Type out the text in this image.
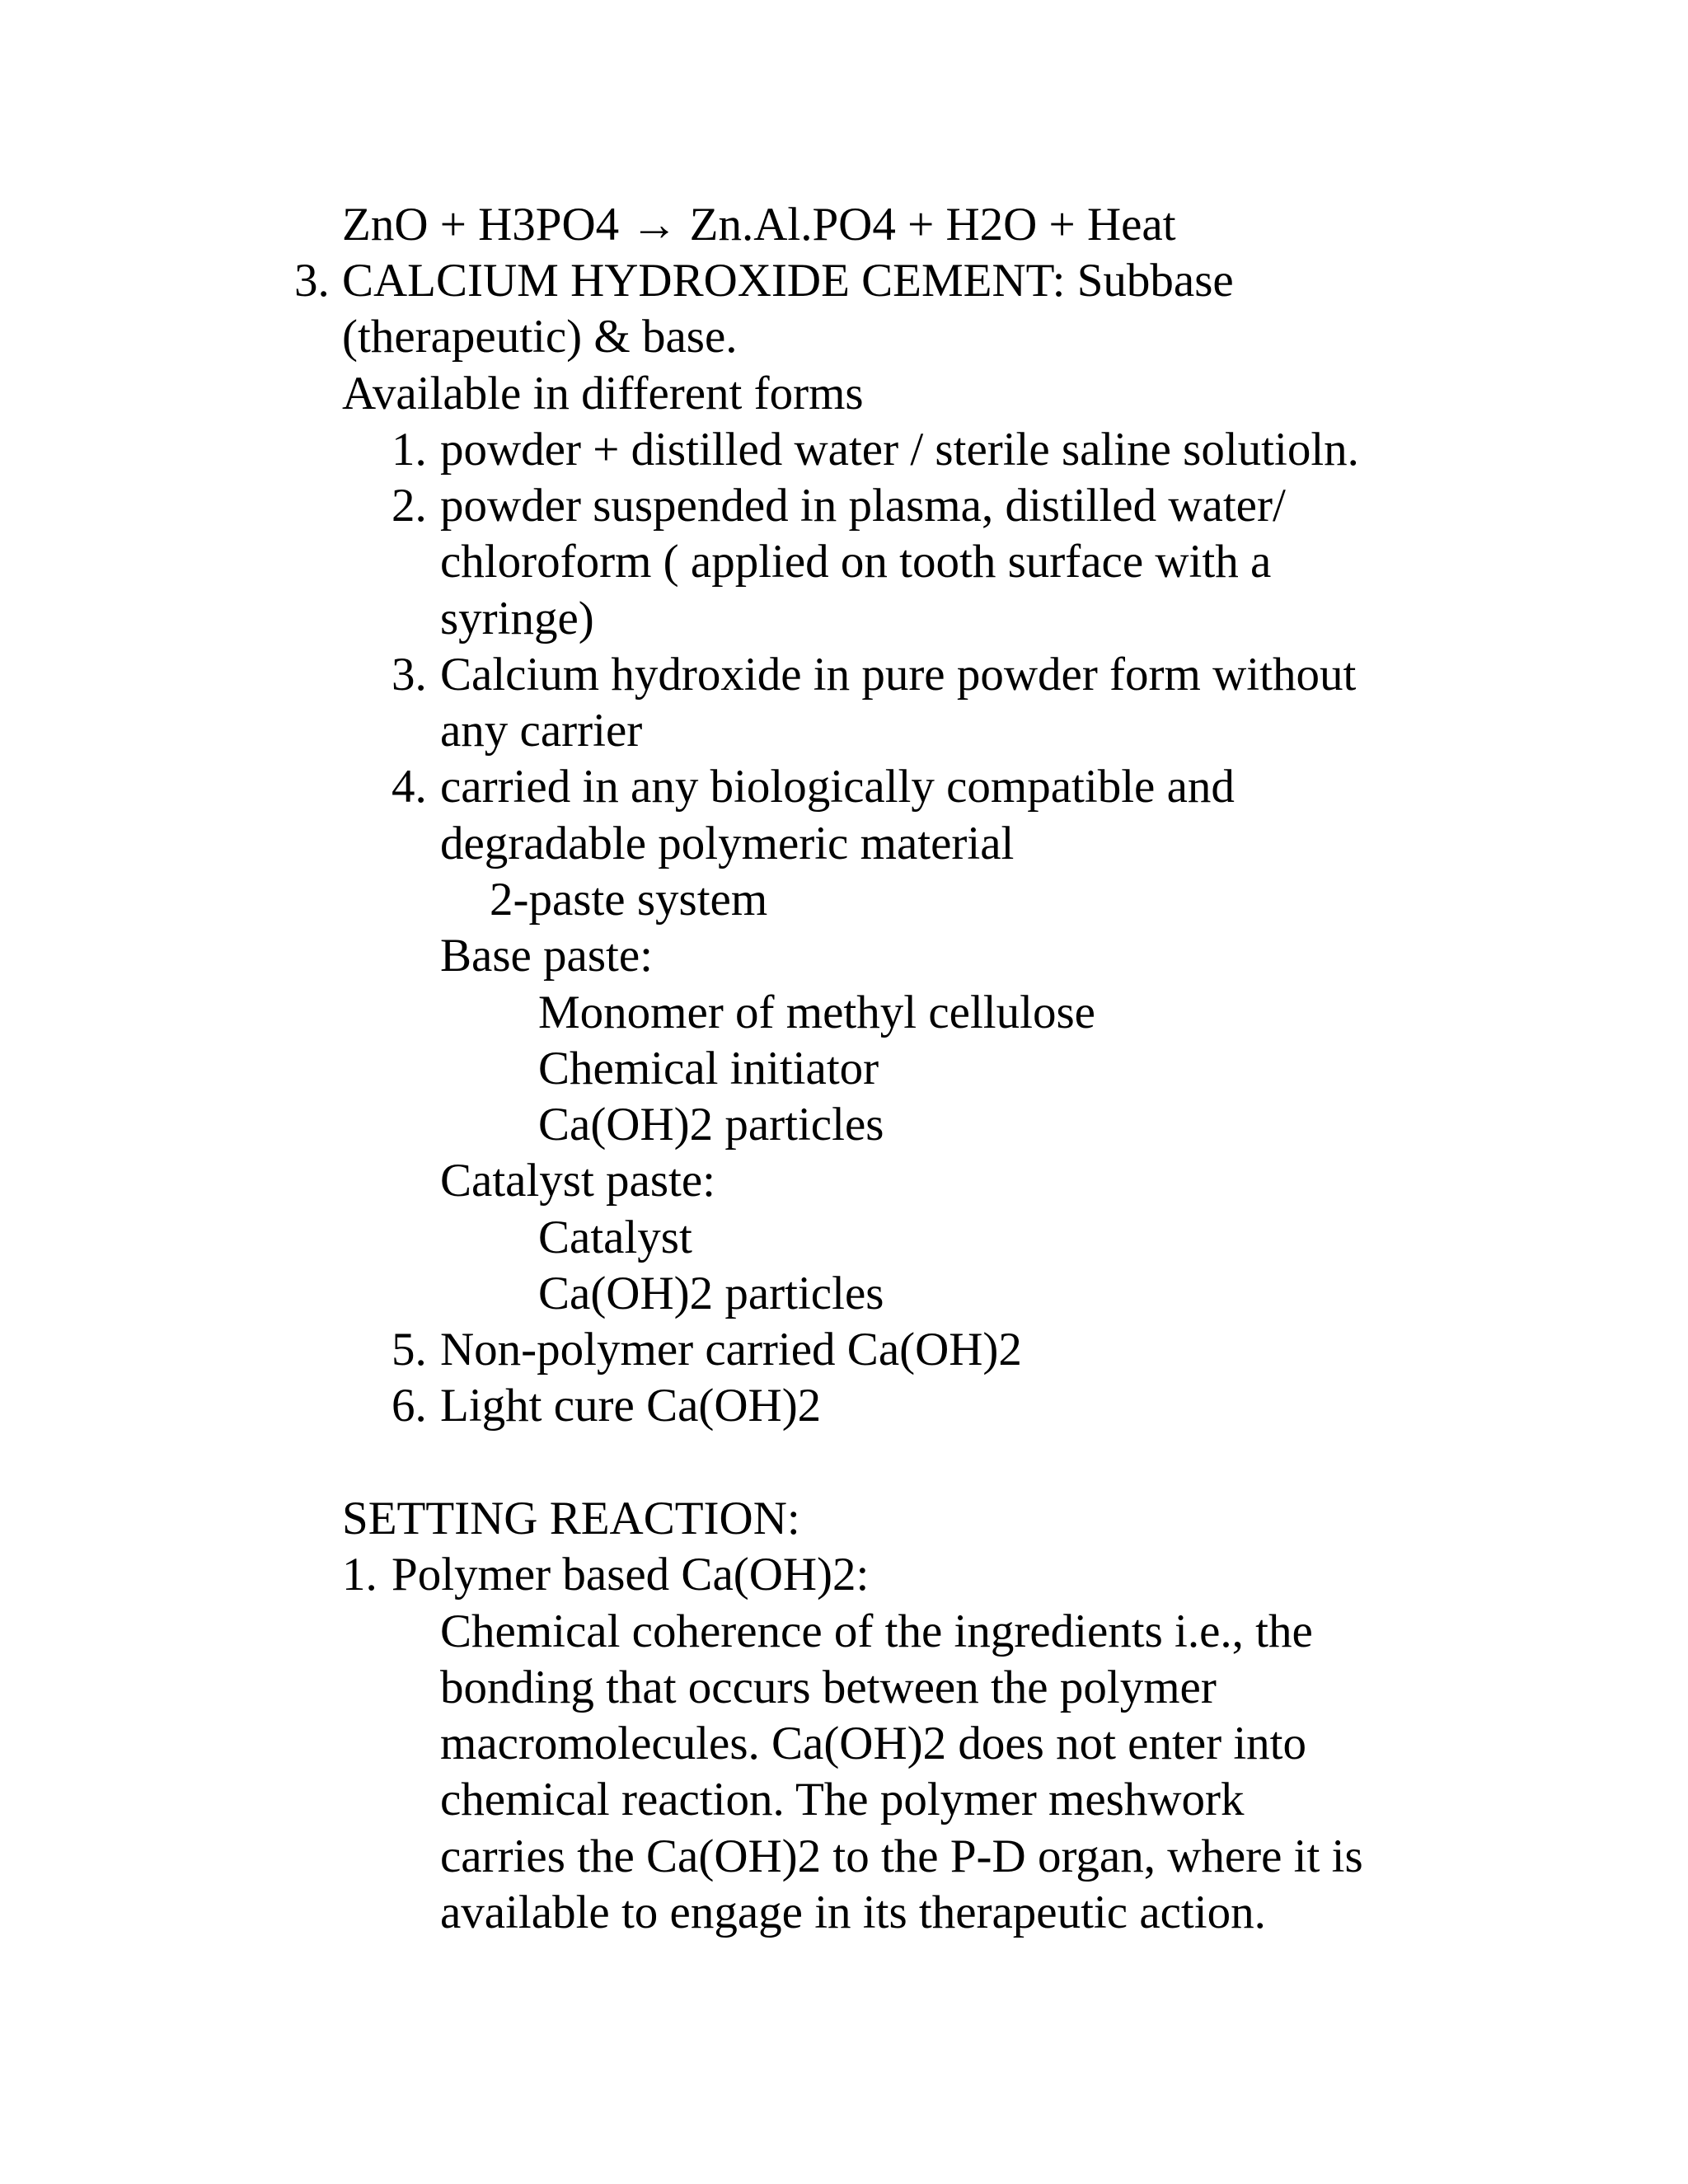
ZnO + H3PO4 → Zn.Al.PO4 + H2O + Heat

3. CALCIUM HYDROXIDE CEMENT: Subbase

(therapeutic) & base.

Available in different forms

1. powder + distilled water / sterile saline solutioln.

2. powder suspended in plasma, distilled water/

chloroform ( applied on tooth surface with a

syringe)

3. Calcium hydroxide in pure powder form without

any carrier

4. carried in any biologically compatible and

degradable polymeric material

2-paste system

Base paste:

Monomer of methyl cellulose

Chemical initiator

Ca(OH)2 particles

Catalyst paste:

Catalyst

Ca(OH)2 particles

5. Non-polymer carried Ca(OH)2

6. Light cure Ca(OH)2

SETTING REACTION:

1. Polymer based Ca(OH)2:

Chemical coherence of the ingredients i.e., the

bonding that occurs between the polymer

macromolecules. Ca(OH)2 does not enter into

chemical reaction. The polymer meshwork

carries the Ca(OH)2 to the P-D organ, where it is

available to engage in its therapeutic action.
